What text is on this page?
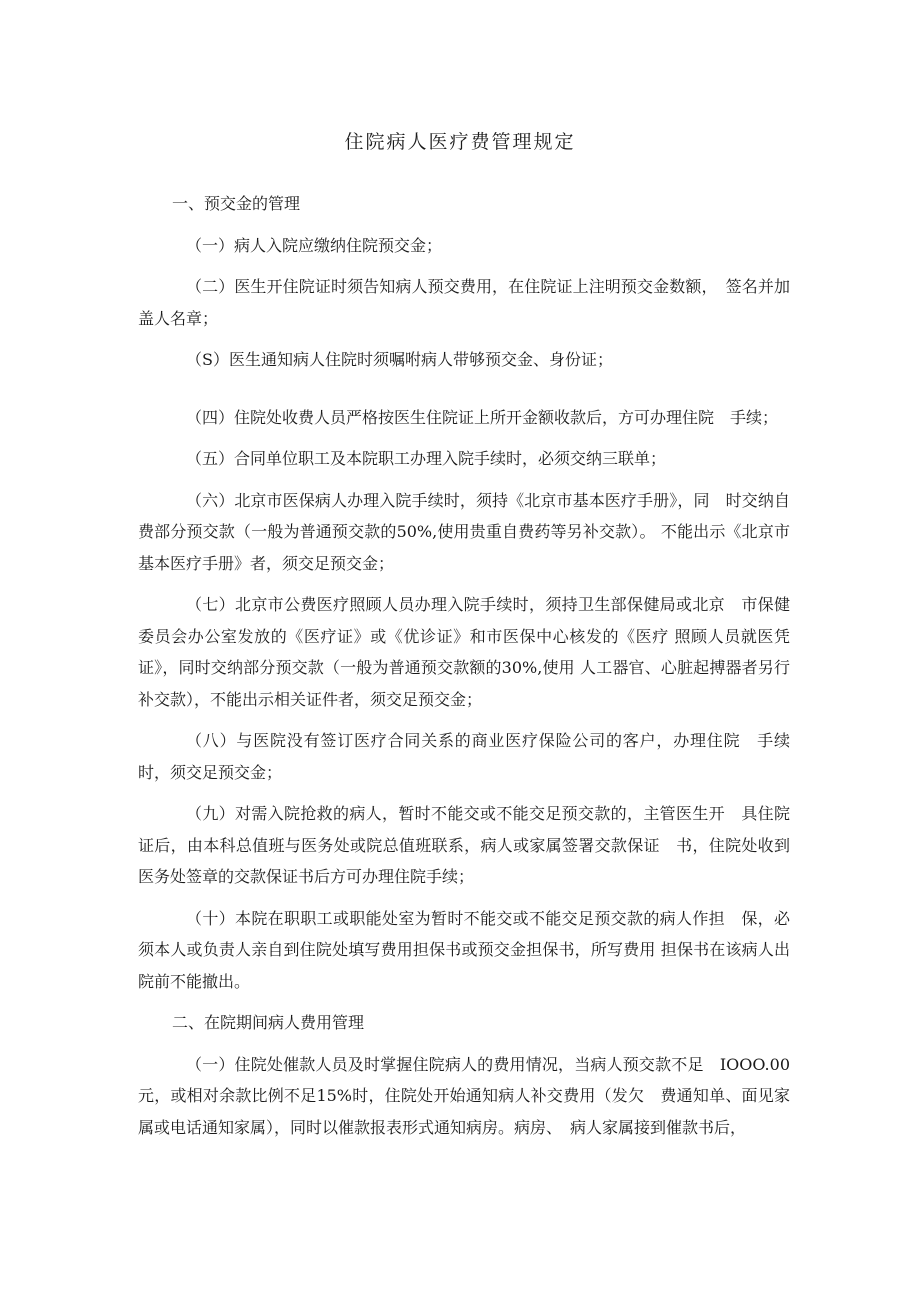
住院病人医疗费管理规定
一、预交金的管理
（一）病人入院应缴纳住院预交金；
（二）医生开住院证时须告知病人预交费用，在住院证上注明预交金数额，　签名并加盖人名章；
（S）医生通知病人住院时须嘱咐病人带够预交金、身份证；
（四）住院处收费人员严格按医生住院证上所开金额收款后，方可办理住院　手续；
（五）合同单位职工及本院职工办理入院手续时，必须交纳三联单；
（六）北京市医保病人办理入院手续时，须持《北京市基本医疗手册》，同　时交纳自费部分预交款（一般为普通预交款的50%,使用贵重自费药等另补交款）。 不能出示《北京市基本医疗手册》者，须交足预交金；
（七）北京市公费医疗照顾人员办理入院手续时，须持卫生部保健局或北京　市保健委员会办公室发放的《医疗证》或《优诊证》和市医保中心核发的《医疗 照顾人员就医凭证》，同时交纳部分预交款（一般为普通预交款额的30%,使用 人工器官、心脏起搏器者另行补交款），不能出示相关证件者，须交足预交金；
（八）与医院没有签订医疗合同关系的商业医疗保险公司的客户，办理住院　手续时，须交足预交金；
（九）对需入院抢救的病人，暂时不能交或不能交足预交款的，主管医生开　具住院证后，由本科总值班与医务处或院总值班联系，病人或家属签署交款保证　书，住院处收到医务处签章的交款保证书后方可办理住院手续；
（十）本院在职职工或职能处室为暂时不能交或不能交足预交款的病人作担　保，必须本人或负责人亲自到住院处填写费用担保书或预交金担保书，所写费用 担保书在该病人出院前不能撤出。
二、在院期间病人费用管理
（一）住院处催款人员及时掌握住院病人的费用情况，当病人预交款不足　IOOO.00元，或相对余款比例不足15%时，住院处开始通知病人补交费用（发欠　费通知单、面见家属或电话通知家属），同时以催款报表形式通知病房。病房、　病人家属接到催款书后，
